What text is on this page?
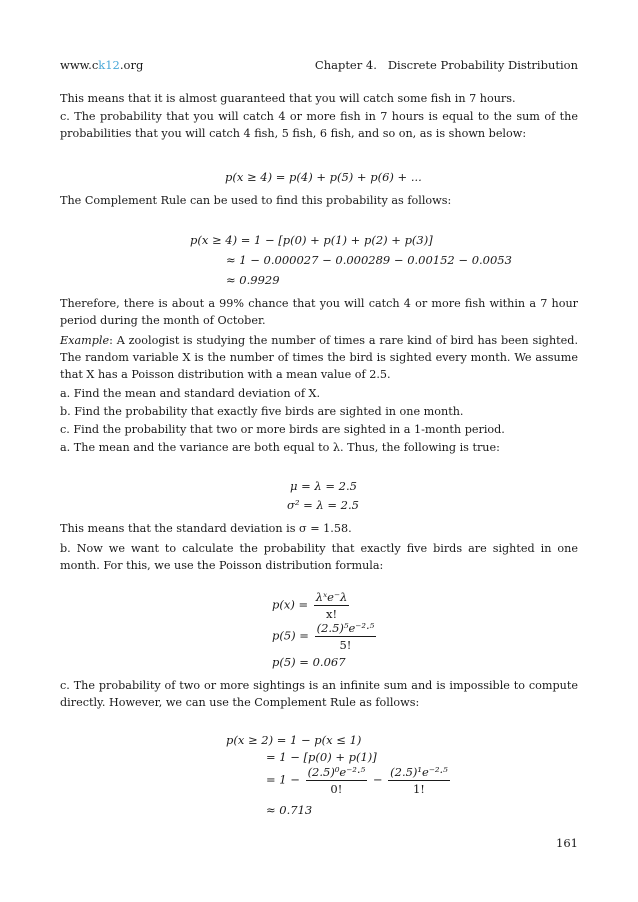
www.ck12.org	Chapter 4.   Discrete Probability Distribution
This means that it is almost guaranteed that you will catch some fish in 7 hours.
c. The probability that you will catch 4 or more fish in 7 hours is equal to the sum of the probabilities that you will catch 4 fish, 5 fish, 6 fish, and so on, as is shown below:
p(x ≥ 4) = p(4) + p(5) + p(6) + ...
The Complement Rule can be used to find this probability as follows:
p(x ≥ 4) = 1 − [p(0) + p(1) + p(2) + p(3)]
≈ 1 − 0.000027 − 0.000289 − 0.00152 − 0.0053
≈ 0.9929
Therefore, there is about a 99% chance that you will catch 4 or more fish within a 7 hour period during the month of October.
Example: A zoologist is studying the number of times a rare kind of bird has been sighted. The random variable X is the number of times the bird is sighted every month. We assume that X has a Poisson distribution with a mean value of 2.5.
a. Find the mean and standard deviation of X.
b. Find the probability that exactly five birds are sighted in one month.
c. Find the probability that two or more birds are sighted in a 1-month period.
a. The mean and the variance are both equal to λ. Thus, the following is true:
μ = λ = 2.5
σ² = λ = 2.5
This means that the standard deviation is σ = 1.58.
b. Now we want to calculate the probability that exactly five birds are sighted in one month. For this, we use the Poisson distribution formula:
$p(x) = \frac{\text{λˣe⁻λ}}{x!}$
$p(5) = \frac{\text{(2.5)⁵e⁻²·⁵}}{5!}$
p(5) = 0.067
c. The probability of two or more sightings is an infinite sum and is impossible to compute directly. However, we can use the Complement Rule as follows:
p(x ≥ 2) = 1 − p(x ≤ 1)
= 1 − [p(0) + p(1)]
= $1 - \frac{\text{(2.5)⁰e⁻²·⁵}}{0!} - \frac{\text{(2.5)¹e⁻²·⁵}}{1!}$
≈ 0.713
161
